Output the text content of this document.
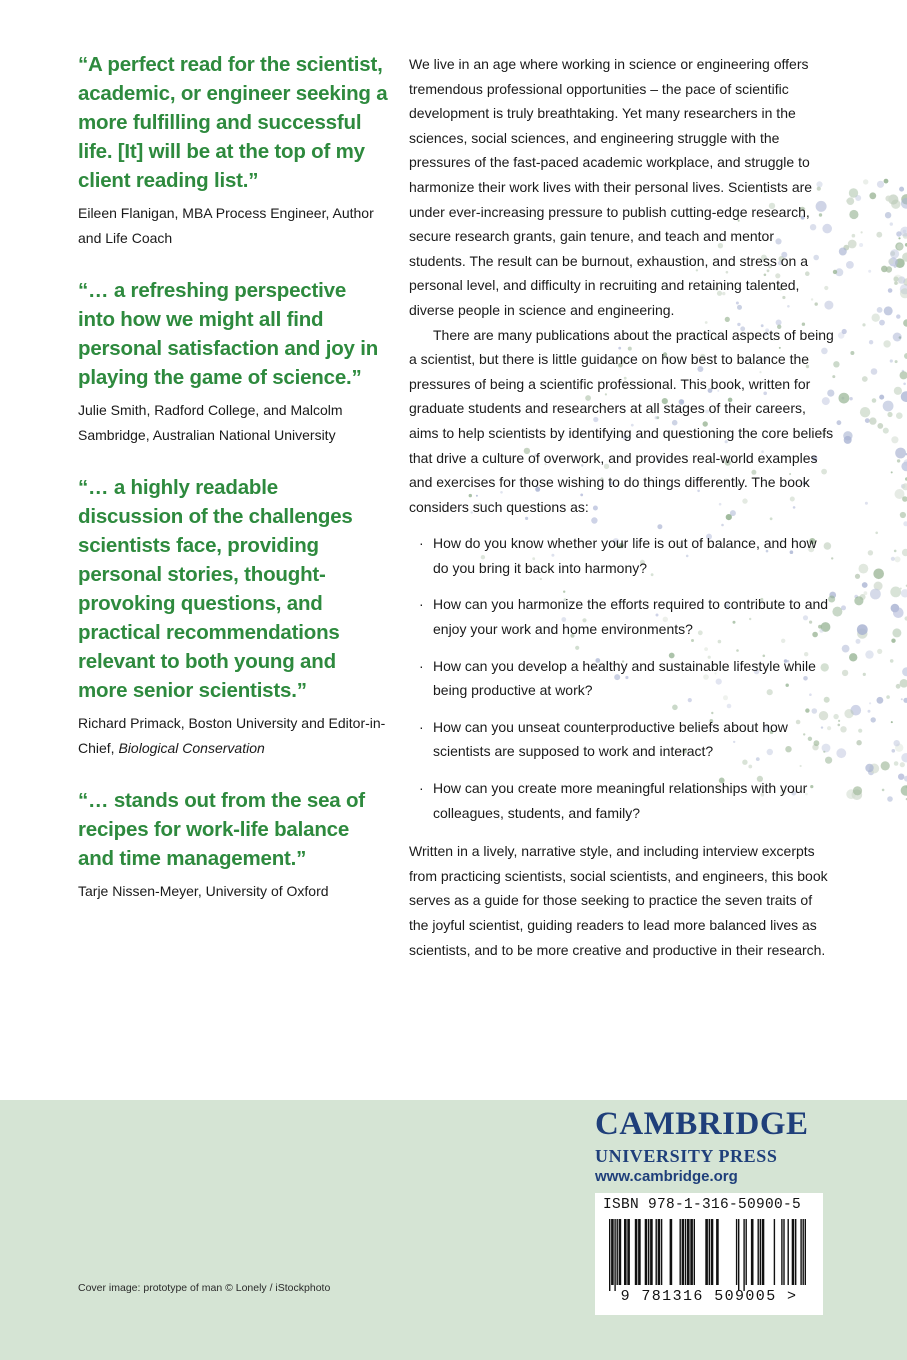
“A perfect read for the scientist, academic, or engineer seeking a more fulfilling and successful life. [It] will be at the top of my client reading list.”

Eileen Flanigan, MBA Process Engineer, Author and Life Coach

“… a refreshing perspective into how we might all find personal satisfaction and joy in playing the game of science.”

Julie Smith, Radford College, and Malcolm Sambridge, Australian National University

“… a highly readable discussion of the challenges scientists face, providing personal stories, thought-provoking questions, and practical recommendations relevant to both young and more senior scientists.”

Richard Primack, Boston University and Editor-in-Chief, Biological Conservation

“… stands out from the sea of recipes for work-life balance and time management.”

Tarje Nissen-Meyer, University of Oxford

We live in an age where working in science or engineering offers tremendous professional opportunities – the pace of scientific development is truly breathtaking. Yet many researchers in the sciences, social sciences, and engineering struggle with the pressures of the fast-paced academic workplace, and struggle to harmonize their work lives with their personal lives. Scientists are under ever-increasing pressure to publish cutting-edge research, secure research grants, gain tenure, and teach and mentor students. The result can be burnout, exhaustion, and stress on a personal level, and difficulty in recruiting and retaining talented, diverse people in science and engineering.

There are many publications about the practical aspects of being a scientist, but there is little guidance on how best to balance the pressures of being a scientific professional. This book, written for graduate students and researchers at all stages of their careers, aims to help scientists by identifying and questioning the core beliefs that drive a culture of overwork, and provides real-world examples and exercises for those wishing to do things differently. The book considers such questions as:

· How do you know whether your life is out of balance, and how do you bring it back into harmony?
· How can you harmonize the efforts required to contribute to and enjoy your work and home environments?
· How can you develop a healthy and sustainable lifestyle while being productive at work?
· How can you unseat counterproductive beliefs about how scientists are supposed to work and interact?
· How can you create more meaningful relationships with your colleagues, students, and family?

Written in a lively, narrative style, and including interview excerpts from practicing scientists, social scientists, and engineers, this book serves as a guide for those seeking to practice the seven traits of the joyful scientist, guiding readers to lead more balanced lives as scientists, and to be more creative and productive in their research.

CAMBRIDGE

UNIVERSITY PRESS

www.cambridge.org

ISBN 978-1-316-50900-5
9 781316 509005 >
Cover image: prototype of man © Lonely / iStockphoto
